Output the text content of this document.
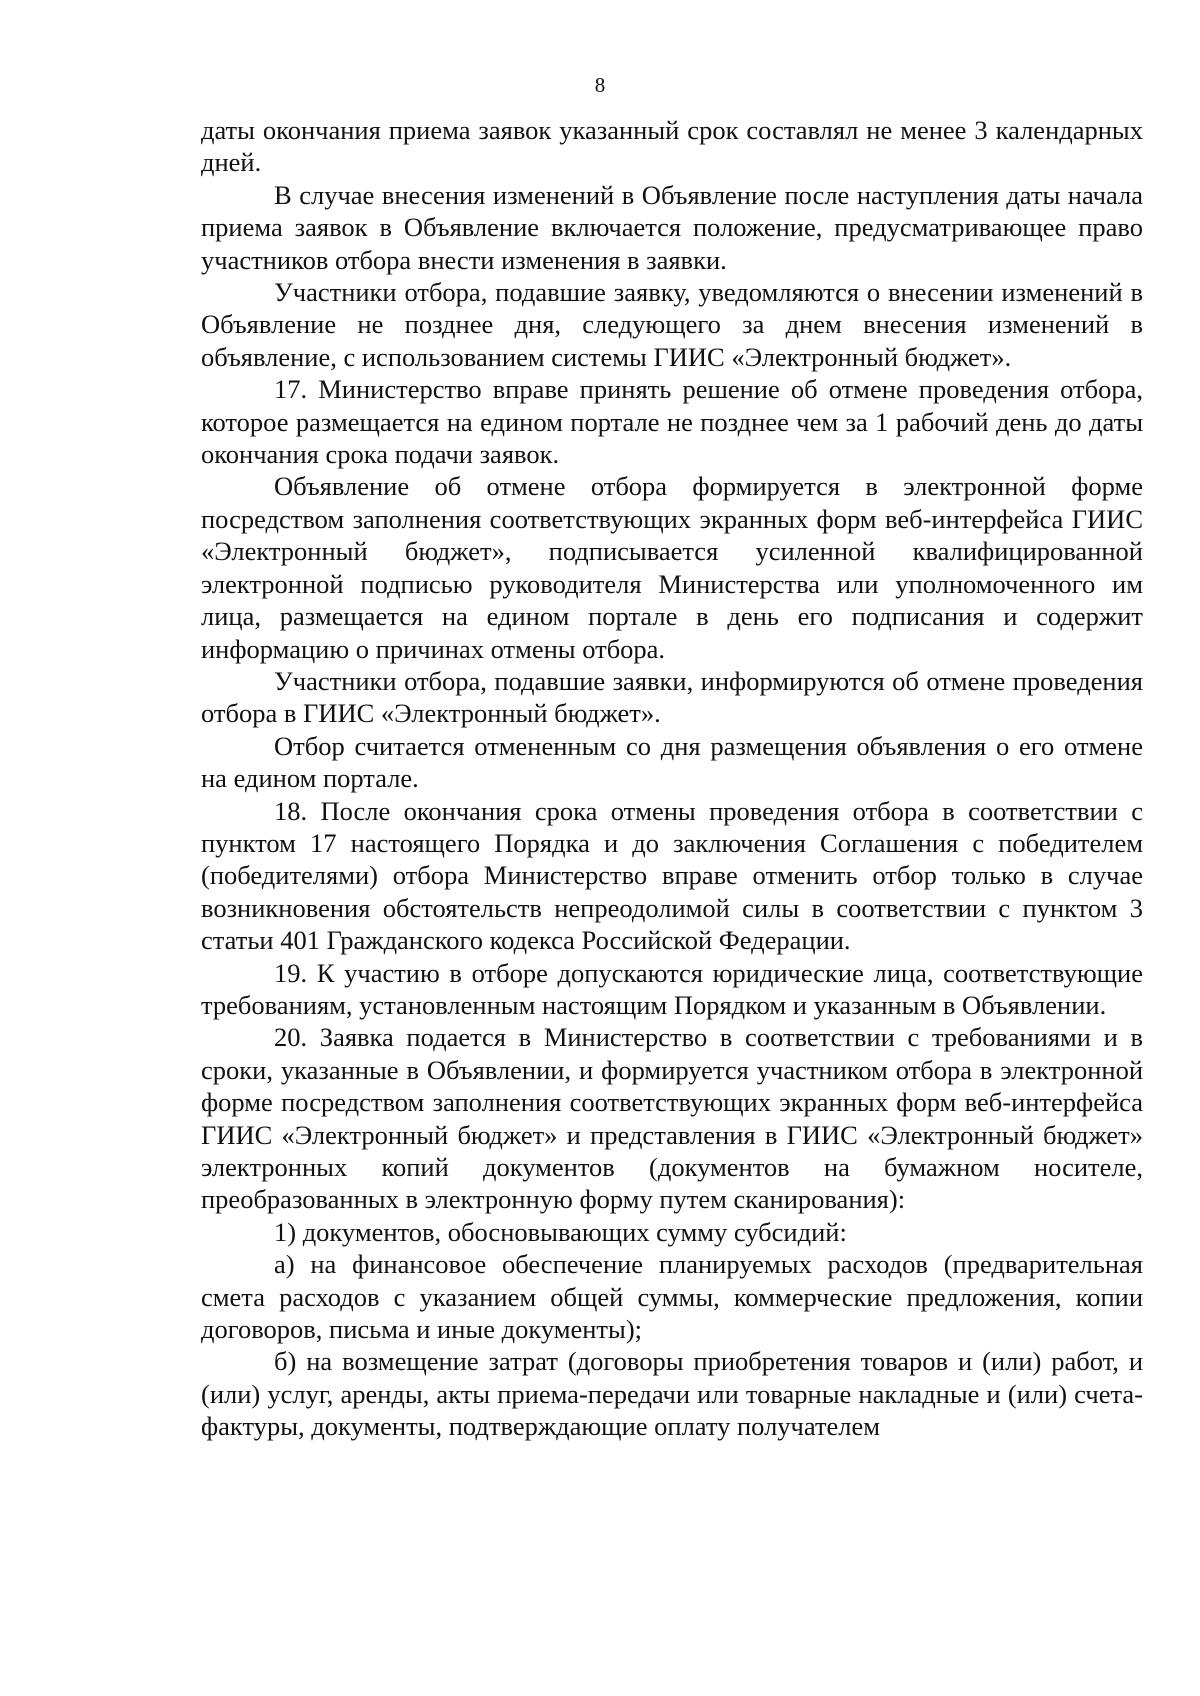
8

даты окончания приема заявок указанный срок составлял не менее 3 календарных дней.

В случае внесения изменений в Объявление после наступления даты начала приема заявок в Объявление включается положение, предусматривающее право участников отбора внести изменения в заявки.

Участники отбора, подавшие заявку, уведомляются о внесении изменений в Объявление не позднее дня, следующего за днем внесения изменений в объявление, с использованием системы ГИИС «Электронный бюджет».

17. Министерство вправе принять решение об отмене проведения отбора, которое размещается на едином портале не позднее чем за 1 рабочий день до даты окончания срока подачи заявок.

Объявление об отмене отбора формируется в электронной форме посредством заполнения соответствующих экранных форм веб-интерфейса ГИИС «Электронный бюджет», подписывается усиленной квалифицированной электронной подписью руководителя Министерства или уполномоченного им лица, размещается на едином портале в день его подписания и содержит информацию о причинах отмены отбора.

Участники отбора, подавшие заявки, информируются об отмене проведения отбора в ГИИС «Электронный бюджет».

Отбор считается отмененным со дня размещения объявления о его отмене на едином портале.

18. После окончания срока отмены проведения отбора в соответствии с пунктом 17 настоящего Порядка и до заключения Соглашения с победителем (победителями) отбора Министерство вправе отменить отбор только в случае возникновения обстоятельств непреодолимой силы в соответствии с пунктом 3 статьи 401 Гражданского кодекса Российской Федерации.

19. К участию в отборе допускаются юридические лица, соответствующие требованиям, установленным настоящим Порядком и указанным в Объявлении.

20. Заявка подается в Министерство в соответствии с требованиями и в сроки, указанные в Объявлении, и формируется участником отбора в электронной форме посредством заполнения соответствующих экранных форм веб-интерфейса ГИИС «Электронный бюджет» и представления в ГИИС «Электронный бюджет» электронных копий документов (документов на бумажном носителе, преобразованных в электронную форму путем сканирования):

1) документов, обосновывающих сумму субсидий:

а) на финансовое обеспечение планируемых расходов (предварительная смета расходов с указанием общей суммы, коммерческие предложения, копии договоров, письма и иные документы);

б) на возмещение затрат (договоры приобретения товаров и (или) работ, и (или) услуг, аренды, акты приема-передачи или товарные накладные и (или) счета-фактуры, документы, подтверждающие оплату получателем
